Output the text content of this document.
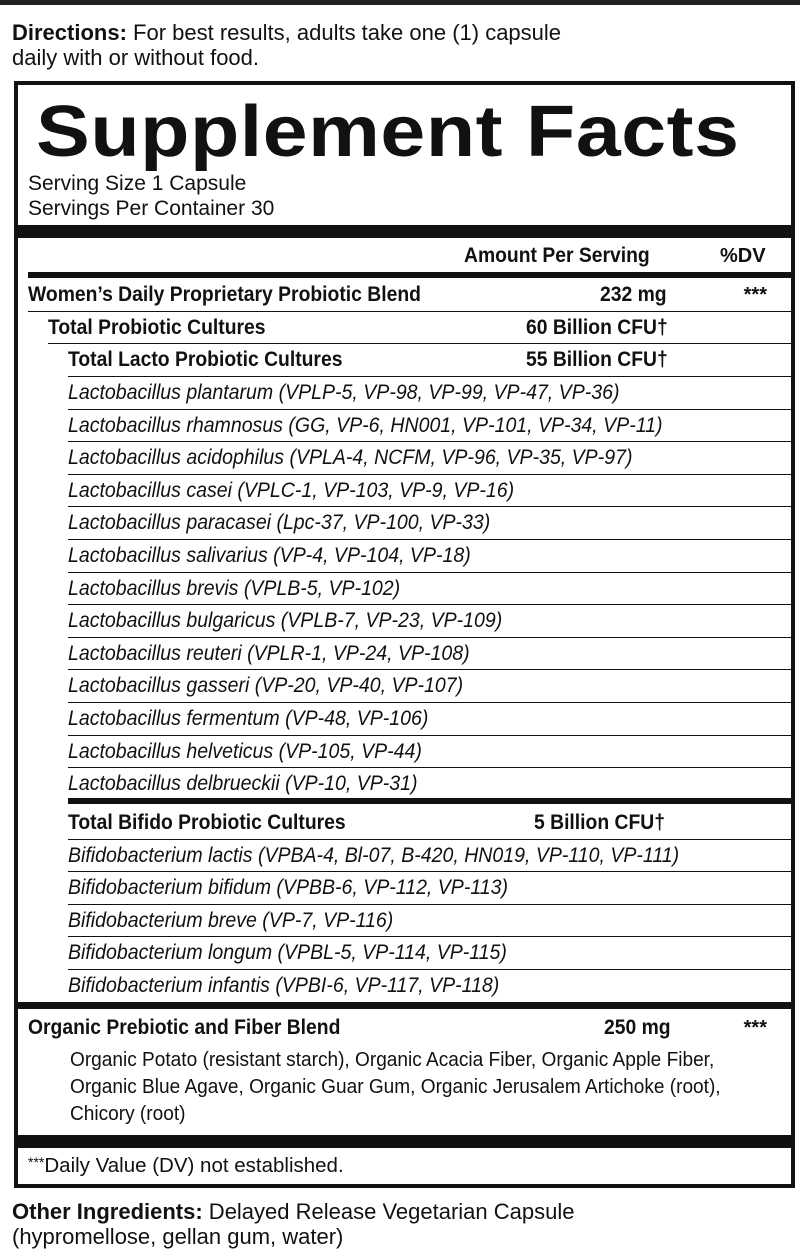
Directions: For best results, adults take one (1) capsule
daily with or without food.
Supplement Facts
Serving Size 1 Capsule
Servings Per Container 30
Amount Per Serving	%DV
Women’s Daily Proprietary Probiotic Blend	232 mg	***
Total Probiotic Cultures	60 Billion CFU†
Total Lacto Probiotic Cultures	55 Billion CFU†
Lactobacillus plantarum (VPLP-5, VP-98, VP-99, VP-47, VP-36)
Lactobacillus rhamnosus (GG, VP-6, HN001, VP-101, VP-34, VP-11)
Lactobacillus acidophilus (VPLA-4, NCFM, VP-96, VP-35, VP-97)
Lactobacillus casei (VPLC-1, VP-103, VP-9, VP-16)
Lactobacillus paracasei (Lpc-37, VP-100, VP-33)
Lactobacillus salivarius (VP-4, VP-104, VP-18)
Lactobacillus brevis (VPLB-5, VP-102)
Lactobacillus bulgaricus (VPLB-7, VP-23, VP-109)
Lactobacillus reuteri (VPLR-1, VP-24, VP-108)
Lactobacillus gasseri (VP-20, VP-40, VP-107)
Lactobacillus fermentum (VP-48, VP-106)
Lactobacillus helveticus (VP-105, VP-44)
Lactobacillus delbrueckii (VP-10, VP-31)
Total Bifido Probiotic Cultures	5 Billion CFU†
Bifidobacterium lactis (VPBA-4, Bl-07, B-420, HN019, VP-110, VP-111)
Bifidobacterium bifidum (VPBB-6, VP-112, VP-113)
Bifidobacterium breve (VP-7, VP-116)
Bifidobacterium longum (VPBL-5, VP-114, VP-115)
Bifidobacterium infantis (VPBI-6, VP-117, VP-118)
Organic Prebiotic and Fiber Blend	250 mg	***
Organic Potato (resistant starch), Organic Acacia Fiber, Organic Apple Fiber,
Organic Blue Agave, Organic Guar Gum, Organic Jerusalem Artichoke (root),
Chicory (root)
***Daily Value (DV) not established.
Other Ingredients: Delayed Release Vegetarian Capsule
(hypromellose, gellan gum, water)
